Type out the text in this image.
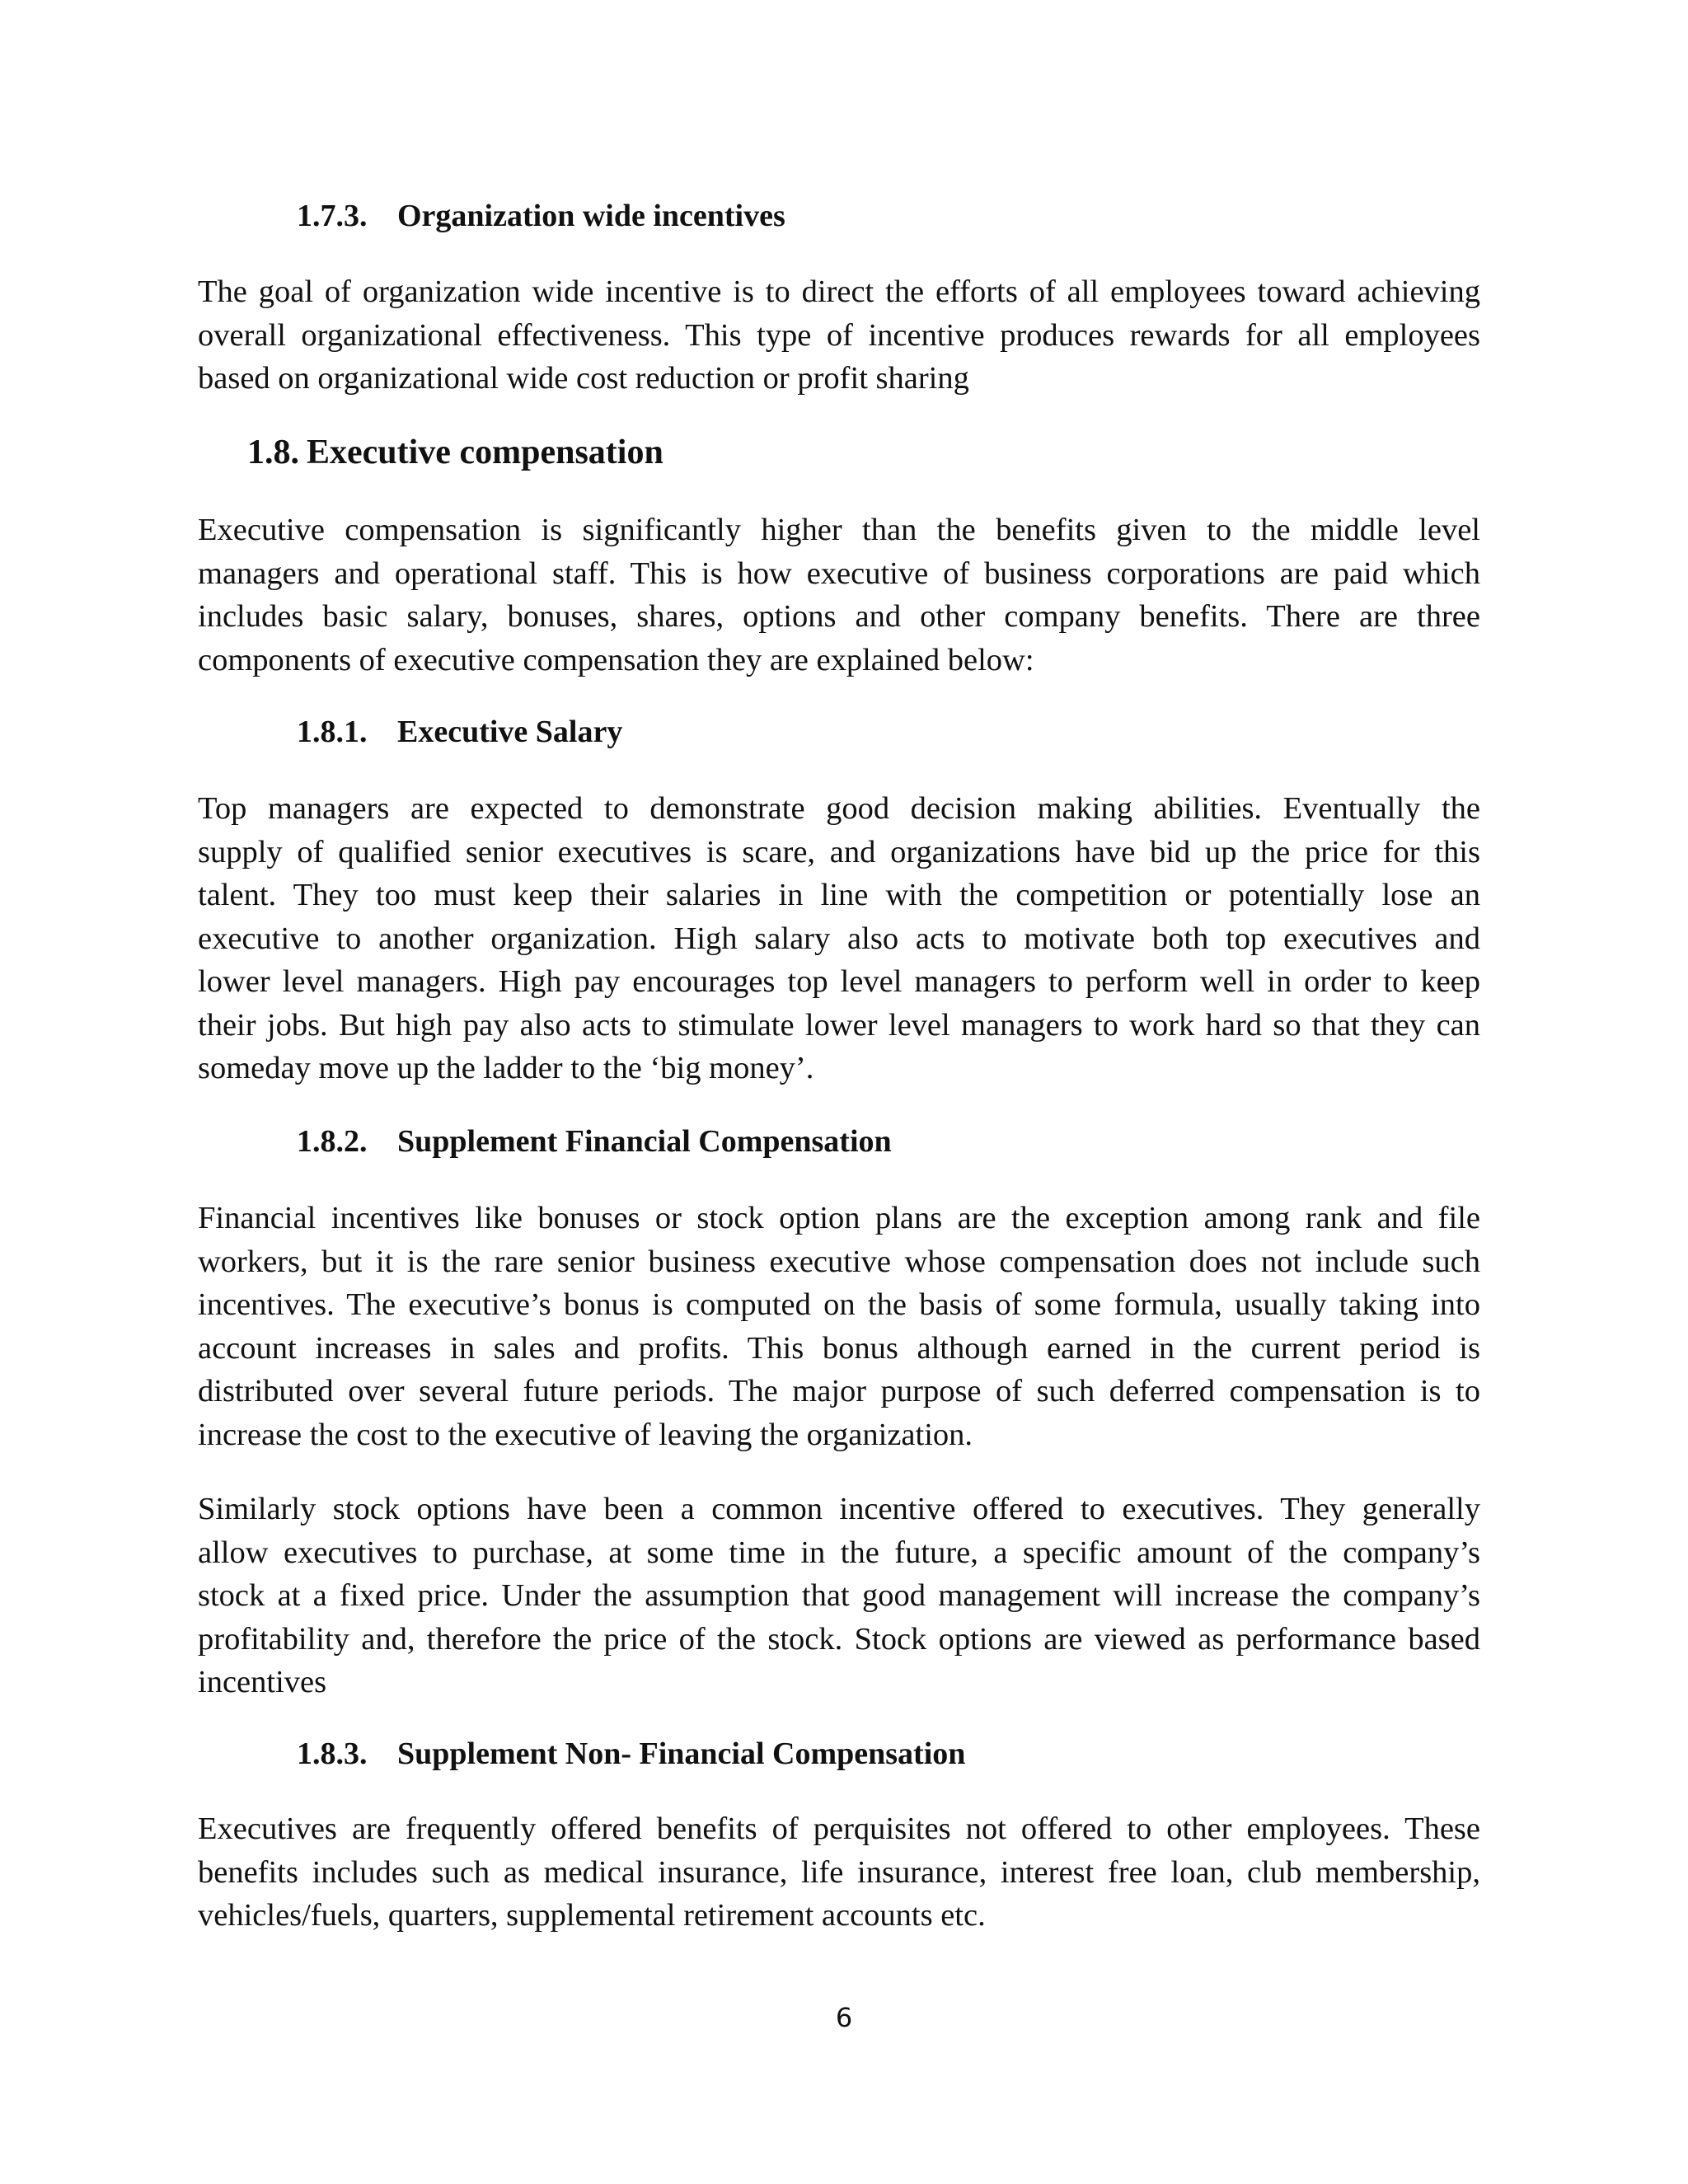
1.7.3. Organization wide incentives
The goal of organization wide incentive is to direct the efforts of all employees toward achieving
overall organizational effectiveness. This type of incentive produces rewards for all employees
based on organizational wide cost reduction or profit sharing
1.8. Executive compensation
Executive compensation is significantly higher than the benefits given to the middle level
managers and operational staff. This is how executive of business corporations are paid which
includes basic salary, bonuses, shares, options and other company benefits. There are three
components of executive compensation they are explained below:
1.8.1. Executive Salary
Top managers are expected to demonstrate good decision making abilities. Eventually the
supply of qualified senior executives is scare, and organizations have bid up the price for this
talent. They too must keep their salaries in line with the competition or potentially lose an
executive to another organization. High salary also acts to motivate both top executives and
lower level managers. High pay encourages top level managers to perform well in order to keep
their jobs. But high pay also acts to stimulate lower level managers to work hard so that they can
someday move up the ladder to the ‘big money’.
1.8.2. Supplement Financial Compensation
Financial incentives like bonuses or stock option plans are the exception among rank and file
workers, but it is the rare senior business executive whose compensation does not include such
incentives. The executive’s bonus is computed on the basis of some formula, usually taking into
account increases in sales and profits. This bonus although earned in the current period is
distributed over several future periods. The major purpose of such deferred compensation is to
increase the cost to the executive of leaving the organization.
Similarly stock options have been a common incentive offered to executives. They generally
allow executives to purchase, at some time in the future, a specific amount of the company’s
stock at a fixed price. Under the assumption that good management will increase the company’s
profitability and, therefore the price of the stock. Stock options are viewed as performance based
incentives
1.8.3. Supplement Non- Financial Compensation
Executives are frequently offered benefits of perquisites not offered to other employees. These
benefits includes such as medical insurance, life insurance, interest free loan, club membership,
vehicles/fuels, quarters, supplemental retirement accounts etc.
6
